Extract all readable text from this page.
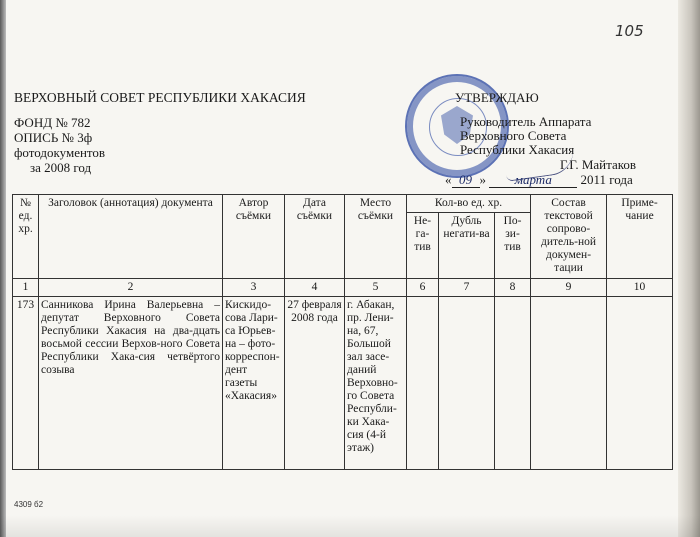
105
ВЕРХОВНЫЙ СОВЕТ РЕСПУБЛИКИ ХАКАСИЯ
ФОНД № 782
ОПИСЬ № 3ф
фотодокументов
за 2008 год
УТВЕРЖДАЮ
Руководитель Аппарата
Верховного Совета
Республики Хакасия
Г.Г. Майтаков
« 09 » марта 2011 года
№ ед. хр.	Заголовок (аннотация) документа	Автор съёмки	Дата съёмки	Место съёмки	Кол-во ед. хр.			Состав текстовой сопрово-дитель-ной докумен-тации	Приме-чание
					Не-га-тив	Дубль негати-ва	По-зи-тив		
1	2	3	4	5	6	7	8	9	10
173	Санникова Ирина Валерьевна – депутат Верховного Совета Республики Хакасия на два-дцать восьмой сессии Верхов-ного Совета Республики Хака-сия четвёртого созыва	Кискидо-сова Лари-са Юрьев-на – фото-корреспон-дент газеты «Хакасия»	27 февраля 2008 года	г. Абакан, пр. Лени-на, 67, Большой зал засе-даний Верховно-го Совета Республи-ки Хака-сия (4-й этаж)					
4309 б2
